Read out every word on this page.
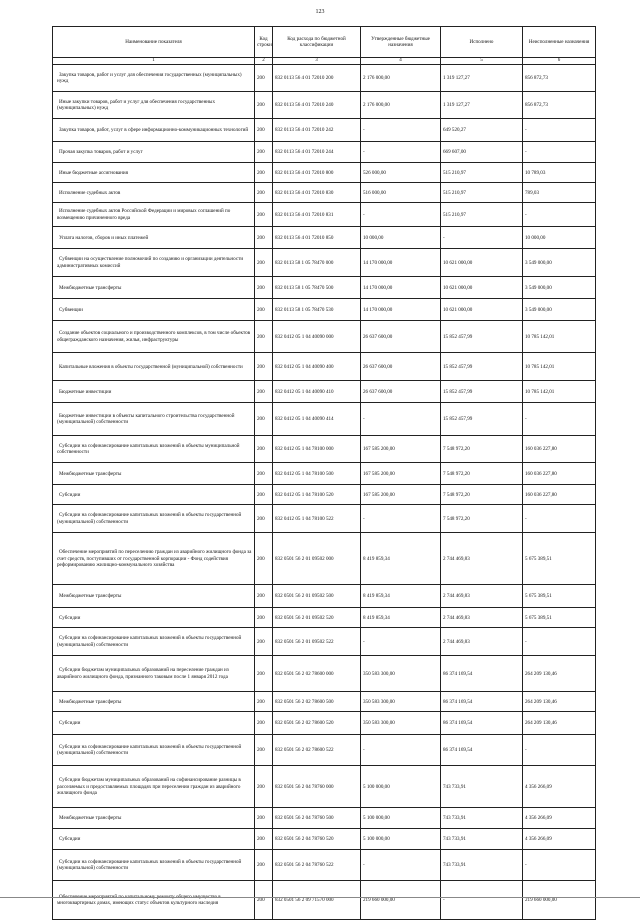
123
Наименование показателя	Код строки	Код расхода по бюджетной классификации	Утвержденные бюджетные назначения	Исполнено	Неисполненные назначения
1	2	3	4	5	6
Закупка товаров, работ и услуг для обеспечения государственных (муниципальных) нужд	200	832 0113 56 4 01 72010 200	2 176 000,00	1 319 127,27	856 872,73
Иные закупки товаров, работ и услуг для обеспечения государственных (муниципальных) нужд	200	832 0113 56 4 01 72010 240	2 176 000,00	1 319 127,27	856 872,73
Закупка товаров, работ, услуг в сфере информационно-коммуникационных технологий	200	832 0113 56 4 01 72010 242	-	649 520,27	-
Прочая закупка товаров, работ и услуг	200	832 0113 56 4 01 72010 244	-	669 607,00	-
Иные бюджетные ассигнования	200	832 0113 56 4 01 72010 800	526 000,00	515 210,97	10 789,03
Исполнение судебных актов	200	832 0113 56 4 01 72010 830	516 000,00	515 210,97	789,03
Исполнение судебных актов Российской Федерации и мировых соглашений по возмещению причиненного вреда	200	832 0113 56 4 01 72010 831	-	515 210,97	-
Уплата налогов, сборов и иных платежей	200	832 0113 56 4 01 72010 850	10 000,00	-	10 000,00
Субвенции на осуществление полномочий по созданию и организации деятельности административных комиссий	200	832 0113 58 1 05 78470 000	14 170 000,00	10 621 000,00	3 549 000,00
Межбюджетные трансферты	200	832 0113 58 1 05 78470 500	14 170 000,00	10 621 000,00	3 549 000,00
Субвенции	200	832 0113 58 1 05 78470 530	14 170 000,00	10 621 000,00	3 549 000,00
Создание объектов социального и производственного комплексов, в том числе объектов общегражданского назначения, жилья, инфраструктуры	200	832 0412 05 1 04 40090 000	26 637 600,00	15 852 457,99	10 785 142,01
Капитальные вложения в объекты государственной (муниципальной) собственности	200	832 0412 05 1 04 40090 400	26 637 600,00	15 852 457,99	10 785 142,01
Бюджетные инвестиции	200	832 0412 05 1 04 40090 410	26 637 600,00	15 852 457,99	10 785 142,01
Бюджетные инвестиции в объекты капитального строительства государственной (муниципальной) собственности	200	832 0412 05 1 04 40090 414	-	15 852 457,99	-
Субсидии на софинансирование капитальных вложений в объекты муниципальной собственности	200	832 0412 05 1 04 78100 000	167 585 200,00	7 548 972,20	160 036 227,80
Межбюджетные трансферты	200	832 0412 05 1 04 78100 500	167 585 200,00	7 548 972,20	160 036 227,80
Субсидии	200	832 0412 05 1 04 78100 520	167 585 200,00	7 548 972,20	160 036 227,80
Субсидии на софинансирование капитальных вложений в объекты государственной (муниципальной) собственности	200	832 0412 05 1 04 78100 522	-	7 548 972,20	-
Обеспечение мероприятий по переселению граждан из аварийного жилищного фонда за счет средств, поступивших от государственной корпорации - Фонд содействия реформированию жилищно-коммунального хозяйства	200	832 0501 56 2 01 09502 000	8 419 859,34	2 744 469,83	5 675 389,51
Межбюджетные трансферты	200	832 0501 56 2 01 09502 500	8 419 859,34	2 744 469,83	5 675 389,51
Субсидии	200	832 0501 56 2 01 09502 520	8 419 859,34	2 744 469,83	5 675 389,51
Субсидии на софинансирование капитальных вложений в объекты государственной (муниципальной) собственности	200	832 0501 56 2 01 09502 522	-	2 744 469,83	-
Субсидии бюджетам муниципальных образований на переселение граждан из аварийного жилищного фонда, признанного таковым после 1 января 2012 года	200	832 0501 56 2 02 78600 000	350 583 300,00	86 374 169,54	264 209 130,46
Межбюджетные трансферты	200	832 0501 56 2 02 78600 500	350 583 300,00	86 374 169,54	264 209 130,46
Субсидии	200	832 0501 56 2 02 78600 520	350 583 300,00	86 374 169,54	264 209 130,46
Субсидии на софинансирование капитальных вложений в объекты государственной (муниципальной) собственности	200	832 0501 56 2 02 78600 522	-	86 374 169,54	-
Субсидии бюджетам муниципальных образований на софинансирование разницы в расселяемых и предоставляемых площадях при переселении граждан из аварийного жилищного фонда	200	832 0501 56 2 04 78760 000	5 100 000,00	743 733,91	4 356 266,09
Межбюджетные трансферты	200	832 0501 56 2 04 78760 500	5 100 000,00	743 733,91	4 356 266,09
Субсидии	200	832 0501 56 2 04 78760 520	5 100 000,00	743 733,91	4 356 266,09
Субсидии на софинансирование капитальных вложений в объекты государственной (муниципальной) собственности	200	832 0501 56 2 04 78760 522	-	743 733,91	-
Обеспечение мероприятий по капитальному ремонту общего имущества в многоквартирных домах, имеющих статус объектов культурного наследия	200	832 0501 56 2 09 71570 000	219 660 000,00	-	219 660 000,00
